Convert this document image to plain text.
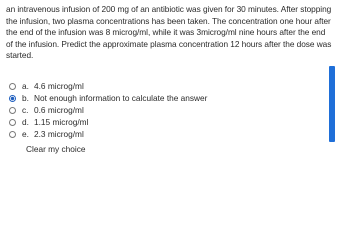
an intravenous infusion of 200 mg of an antibiotic was given for 30 minutes. After stopping
the infusion, two plasma concentrations has been taken. The concentration one hour after
the end of the infusion was 8 microg/ml, while it was 3microg/ml nine hours after the end
of the infusion. Predict the approximate plasma concentration 12 hours after the dose was
started.
a. 4.6 microg/ml
b. Not enough information to calculate the answer
c. 0.6 microg/ml
d. 1.15 microg/ml
e. 2.3 microg/ml
Clear my choice
